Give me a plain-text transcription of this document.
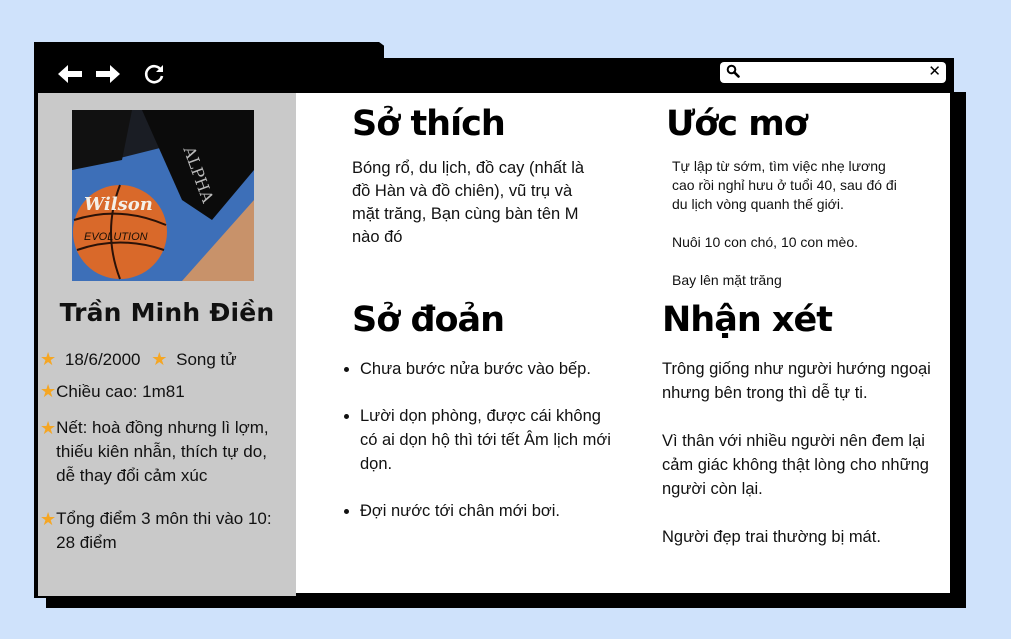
✕
ALPHA
Wilson
EVOLUTION
Trần Minh Điền
★ 18/6/2000 ★ Song tử
★Chiều cao: 1m81
★ Nết: hoà đồng nhưng lì lợm, thiếu kiên nhẫn, thích tự do, dễ thay đổi cảm xúc
★ Tổng điểm 3 môn thi vào 10: 28 điểm
Sở thích
Bóng rổ, du lịch, đồ cay (nhất là đồ Hàn và đồ chiên), vũ trụ và mặt trăng, Bạn cùng bàn tên M nào đó
Ước mơ
Tự lập từ sớm, tìm việc nhẹ lương cao rồi nghỉ hưu ở tuổi 40, sau đó đi du lịch vòng quanh thế giới.
Nuôi 10 con chó, 10 con mèo.
Bay lên mặt trăng
Sở đoản
• Chưa bước nửa bước vào bếp.
• Lười dọn phòng, được cái không có ai dọn hộ thì tới tết Âm lịch mới dọn.
• Đợi nước tới chân mới bơi.
Nhận xét
Trông giống như người hướng ngoại nhưng bên trong thì dễ tự ti.
Vì thân với nhiều người nên đem lại cảm giác không thật lòng cho những người còn lại.
Người đẹp trai thường bị mát.
